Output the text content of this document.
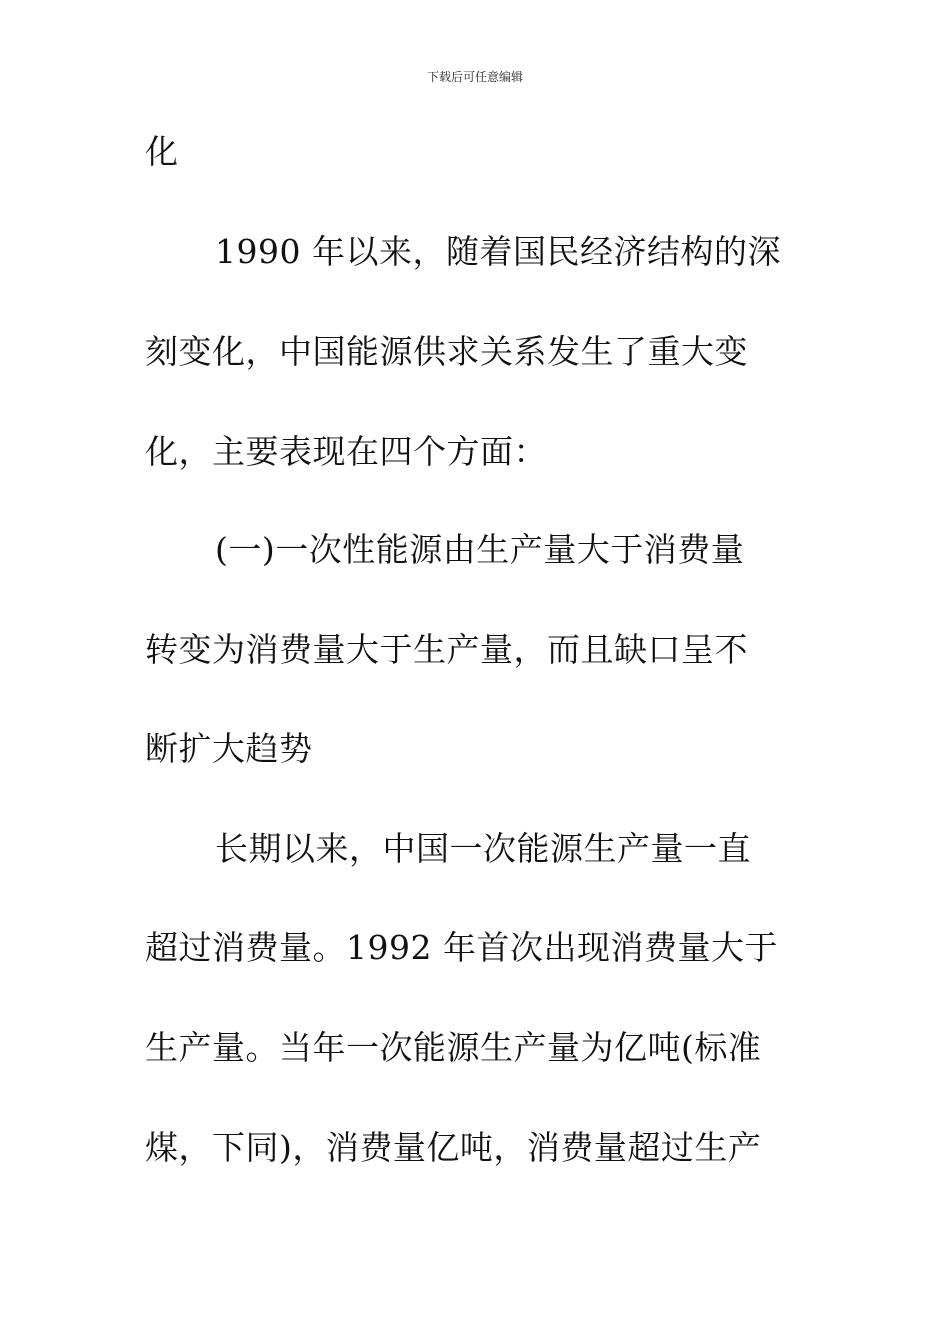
下载后可任意编辑
化
1990 年以来，随着国民经济结构的深
刻变化，中国能源供求关系发生了重大变
化，主要表现在四个方面：
(一)一次性能源由生产量大于消费量
转变为消费量大于生产量，而且缺口呈不
断扩大趋势
长期以来，中国一次能源生产量一直
超过消费量。1992 年首次出现消费量大于
生产量。当年一次能源生产量为亿吨(标准
煤，下同)，消费量亿吨，消费量超过生产
